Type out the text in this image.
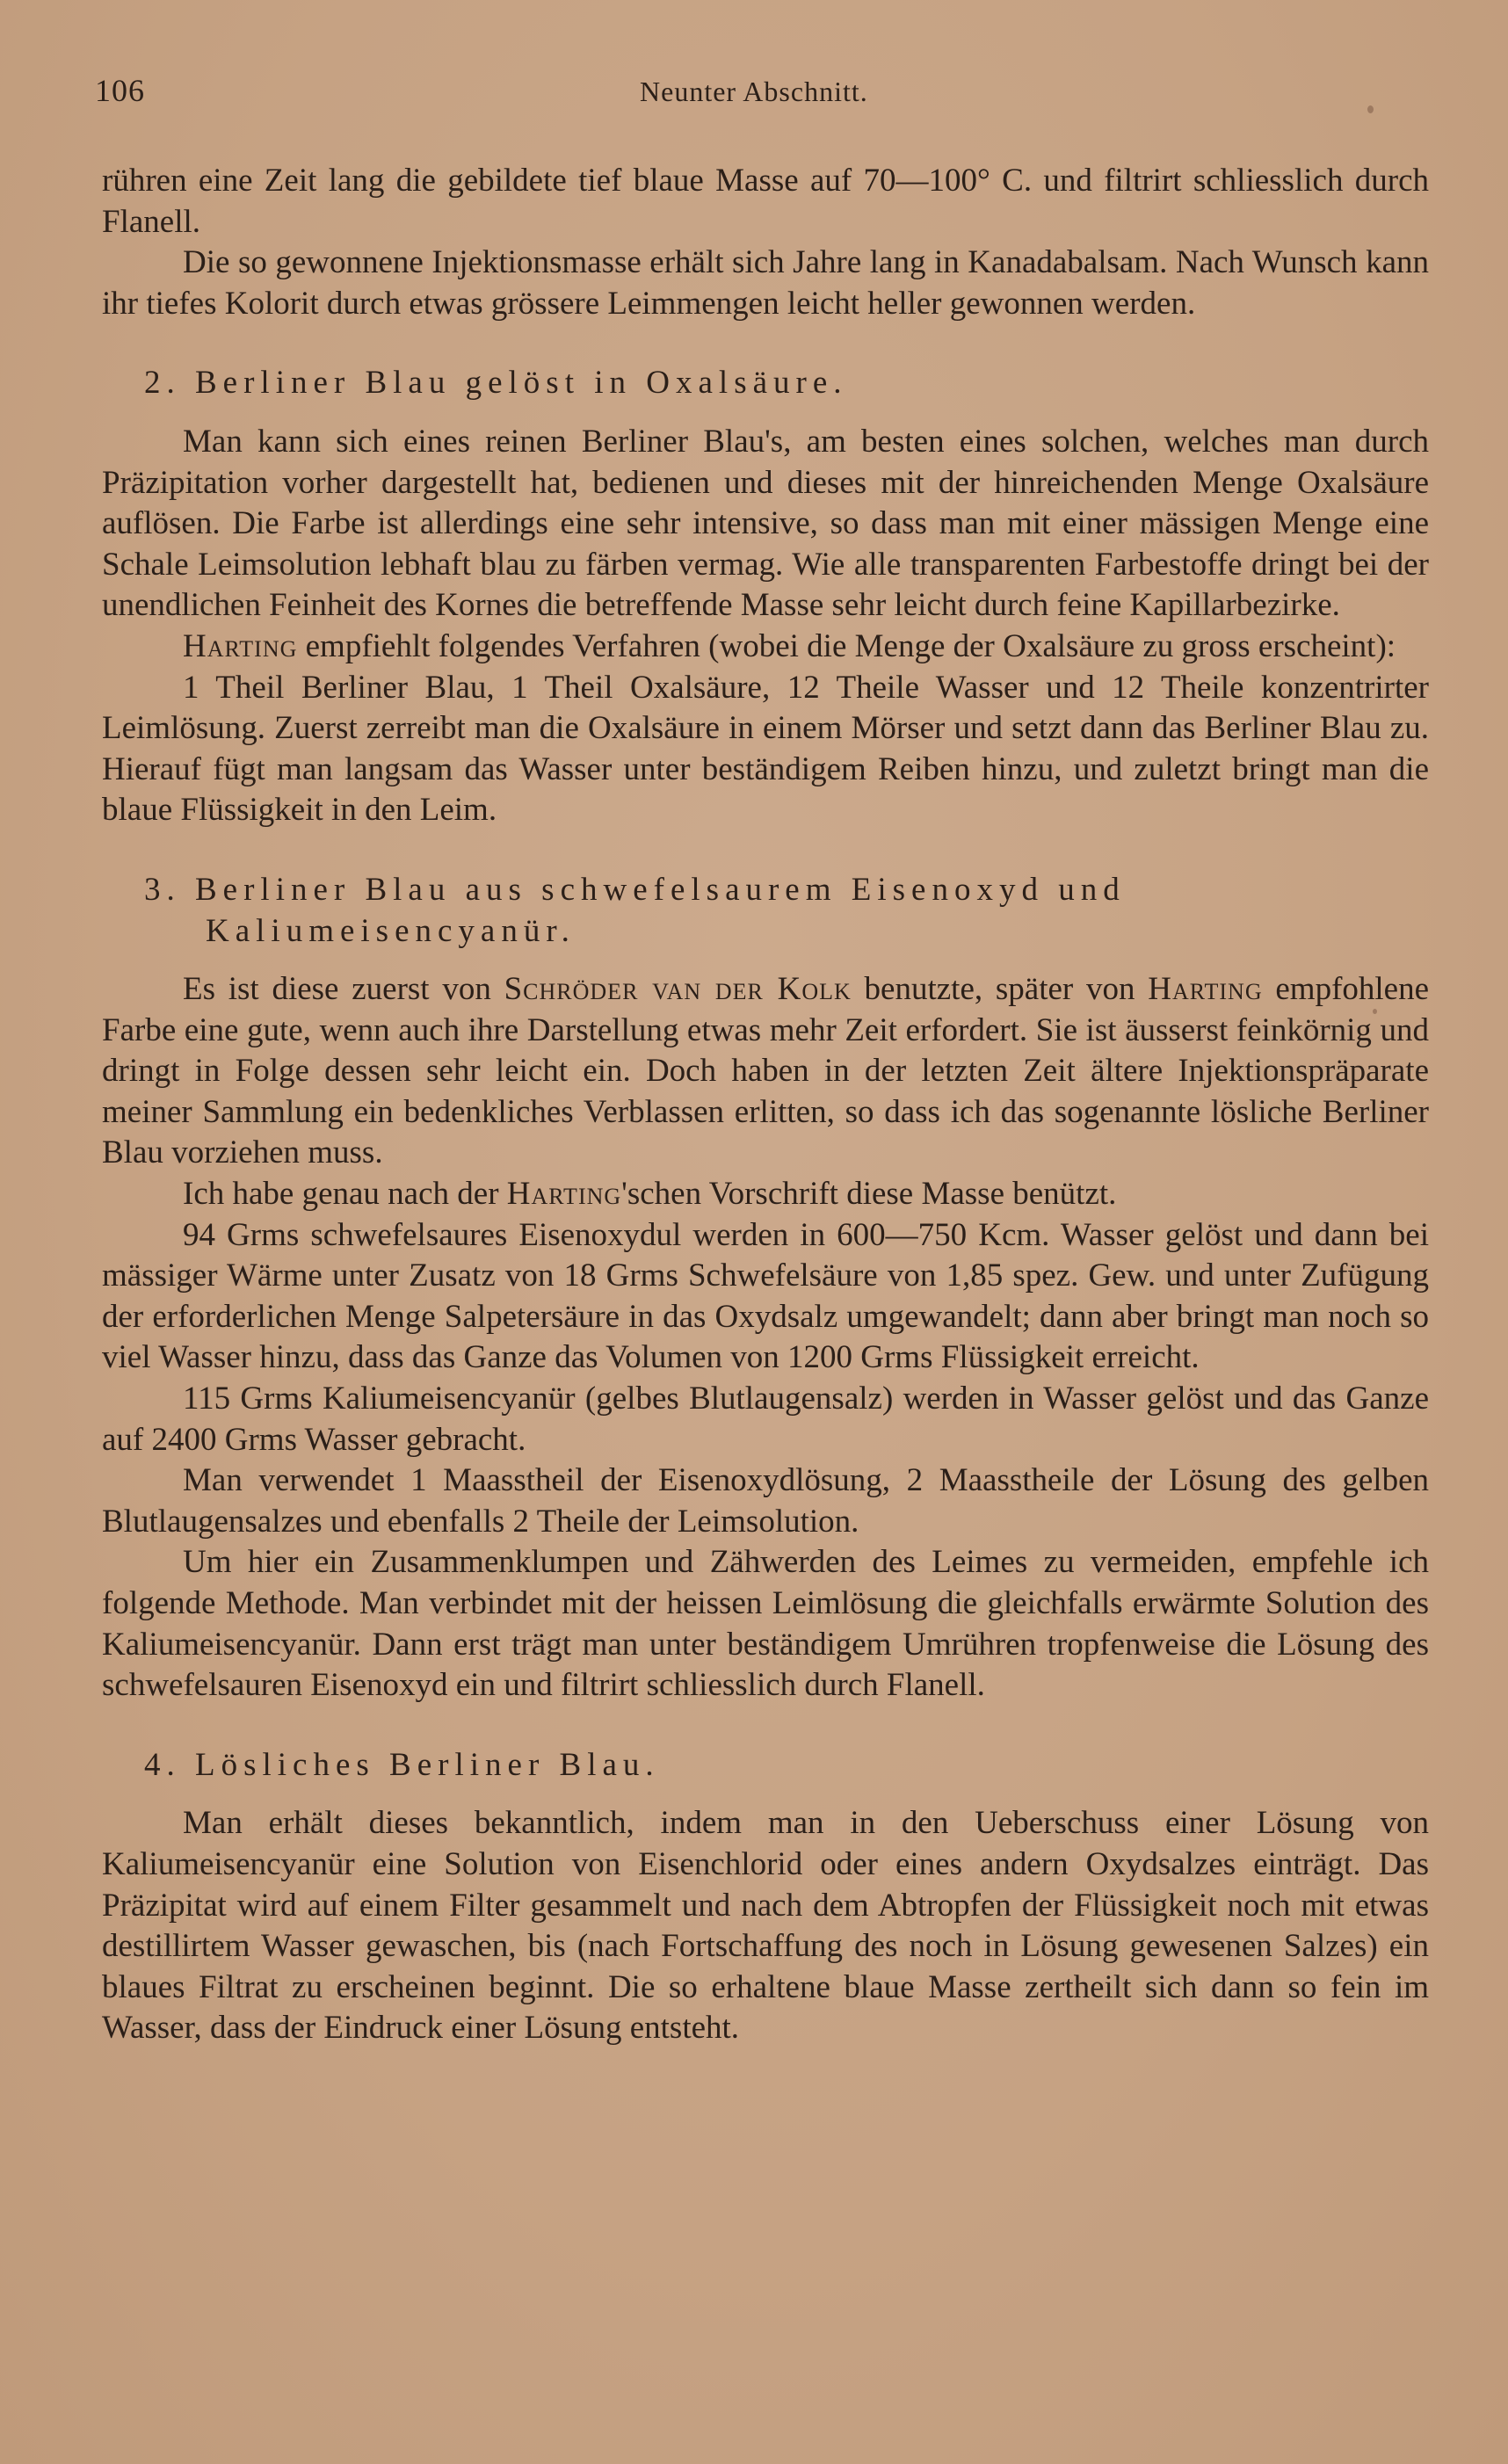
106	Neunter Abschnitt.

rühren eine Zeit lang die gebildete tief blaue Masse auf 70—100° C. und filtrirt schliesslich durch Flanell.

Die so gewonnene Injektionsmasse erhält sich Jahre lang in Kanadabalsam. Nach Wunsch kann ihr tiefes Kolorit durch etwas grössere Leimmengen leicht heller gewonnen werden.

2. Berliner Blau gelöst in Oxalsäure.

Man kann sich eines reinen Berliner Blau's, am besten eines solchen, welches man durch Präzipitation vorher dargestellt hat, bedienen und dieses mit der hinreichenden Menge Oxalsäure auflösen. Die Farbe ist allerdings eine sehr intensive, so dass man mit einer mässigen Menge eine Schale Leimsolution lebhaft blau zu färben vermag. Wie alle transparenten Farbestoffe dringt bei der unendlichen Feinheit des Kornes die betreffende Masse sehr leicht durch feine Kapillarbezirke.

Harting empfiehlt folgendes Verfahren (wobei die Menge der Oxalsäure zu gross erscheint):

1 Theil Berliner Blau, 1 Theil Oxalsäure, 12 Theile Wasser und 12 Theile konzentrirter Leimlösung. Zuerst zerreibt man die Oxalsäure in einem Mörser und setzt dann das Berliner Blau zu. Hierauf fügt man langsam das Wasser unter beständigem Reiben hinzu, und zuletzt bringt man die blaue Flüssigkeit in den Leim.

3. Berliner Blau aus schwefelsaurem Eisenoxyd und Kaliumeisencyanür.

Es ist diese zuerst von Schröder van der Kolk benutzte, später von Harting empfohlene Farbe eine gute, wenn auch ihre Darstellung etwas mehr Zeit erfordert. Sie ist äusserst feinkörnig und dringt in Folge dessen sehr leicht ein. Doch haben in der letzten Zeit ältere Injektionspräparate meiner Sammlung ein bedenkliches Verblassen erlitten, so dass ich das sogenannte lösliche Berliner Blau vorziehen muss.

Ich habe genau nach der Harting'schen Vorschrift diese Masse benützt.

94 Grms schwefelsaures Eisenoxydul werden in 600—750 Kcm. Wasser gelöst und dann bei mässiger Wärme unter Zusatz von 18 Grms Schwefelsäure von 1,85 spez. Gew. und unter Zufügung der erforderlichen Menge Salpetersäure in das Oxydsalz umgewandelt; dann aber bringt man noch so viel Wasser hinzu, dass das Ganze das Volumen von 1200 Grms Flüssigkeit erreicht.

115 Grms Kaliumeisencyanür (gelbes Blutlaugensalz) werden in Wasser gelöst und das Ganze auf 2400 Grms Wasser gebracht.

Man verwendet 1 Maasstheil der Eisenoxydlösung, 2 Maasstheile der Lösung des gelben Blutlaugensalzes und ebenfalls 2 Theile der Leimsolution.

Um hier ein Zusammenklumpen und Zähwerden des Leimes zu vermeiden, empfehle ich folgende Methode. Man verbindet mit der heissen Leimlösung die gleichfalls erwärmte Solution des Kaliumeisencyanür. Dann erst trägt man unter beständigem Umrühren tropfenweise die Lösung des schwefelsauren Eisenoxyd ein und filtrirt schliesslich durch Flanell.

4. Lösliches Berliner Blau.

Man erhält dieses bekanntlich, indem man in den Ueberschuss einer Lösung von Kaliumeisencyanür eine Solution von Eisenchlorid oder eines andern Oxydsalzes einträgt. Das Präzipitat wird auf einem Filter gesammelt und nach dem Abtropfen der Flüssigkeit noch mit etwas destillirtem Wasser gewaschen, bis (nach Fortschaffung des noch in Lösung gewesenen Salzes) ein blaues Filtrat zu erscheinen beginnt. Die so erhaltene blaue Masse zertheilt sich dann so fein im Wasser, dass der Eindruck einer Lösung entsteht.
